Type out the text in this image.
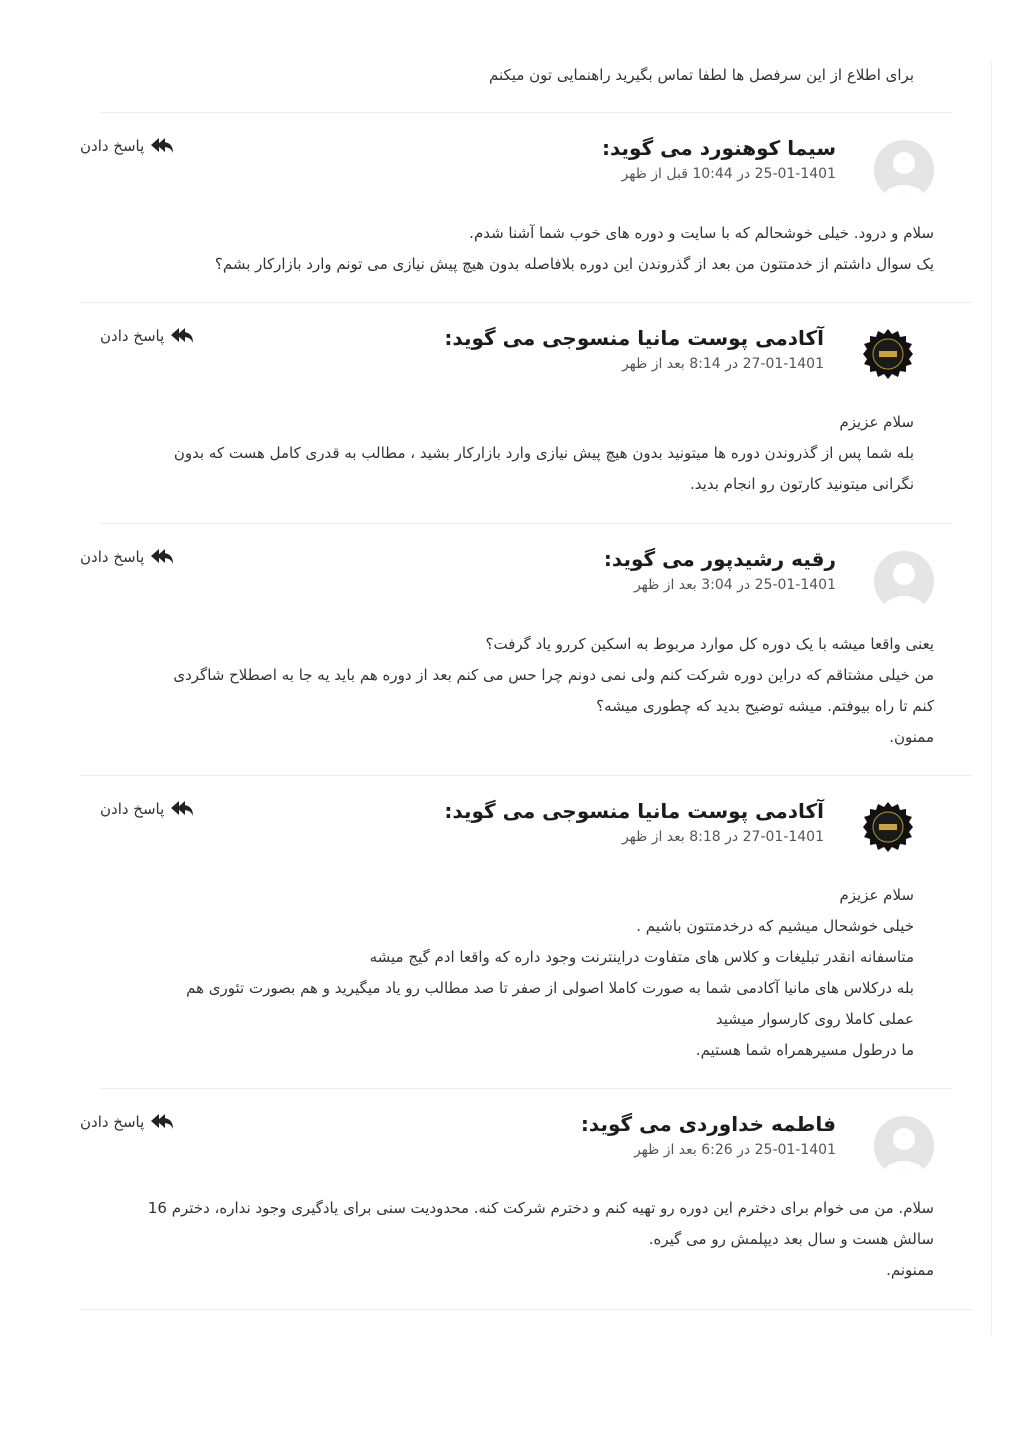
برای اطلاع از این سرفصل ها لطفا تماس بگیرید راهنمایی تون میکنم
سیما کوهنورد می گوید:
25-01-1401 در 10:44 قبل از ظهر
پاسخ دادن

سلام و درود. خیلی خوشحالم که با سایت و دوره های خوب شما آشنا شدم.

یک سوال داشتم از خدمتتون من بعد از گذروندن این دوره بلافاصله بدون هیچ پیش نیازی می تونم وارد بازارکار بشم؟

آکادمی پوست مانیا منسوجی می گوید:
27-01-1401 در 8:14 بعد از ظهر
پاسخ دادن

سلام عزیزم

بله شما پس از گذروندن دوره ها میتونید بدون هیچ پیش نیازی وارد بازارکار بشید ، مطالب به قدری کامل هست که بدون

نگرانی میتونید کارتون رو انجام بدید.

رقیه رشیدپور می گوید:
25-01-1401 در 3:04 بعد از ظهر
پاسخ دادن

یعنی واقعا میشه با یک دوره کل موارد مربوط به اسکین کررو یاد گرفت؟

من خیلی مشتاقم که دراین دوره شرکت کنم ولی نمی دونم چرا حس می کنم بعد از دوره هم باید یه جا به اصطلاح شاگردی

کنم تا راه بیوفتم. میشه توضیح بدید که چطوری میشه؟

ممنون.

آکادمی پوست مانیا منسوجی می گوید:
27-01-1401 در 8:18 بعد از ظهر
پاسخ دادن

سلام عزیزم

خیلی خوشحال میشیم که درخدمتتون باشیم .

متاسفانه انقدر تبلیغات و کلاس های متفاوت دراینترنت وجود داره که واقعا ادم گیج میشه

بله درکلاس های مانیا آکادمی شما به صورت کاملا اصولی از صفر تا صد مطالب رو یاد میگیرید و هم بصورت تئوری هم

عملی کاملا روی کارسوار میشید

ما درطول مسیرهمراه شما هستیم.

فاطمه خداوردی می گوید:
25-01-1401 در 6:26 بعد از ظهر
پاسخ دادن

سلام. من می خوام برای دخترم این دوره رو تهیه کنم و دخترم شرکت کنه. محدودیت سنی برای یادگیری وجود نداره، دخترم 16

سالش هست و سال بعد دیپلمش رو می گیره.

ممنونم.
